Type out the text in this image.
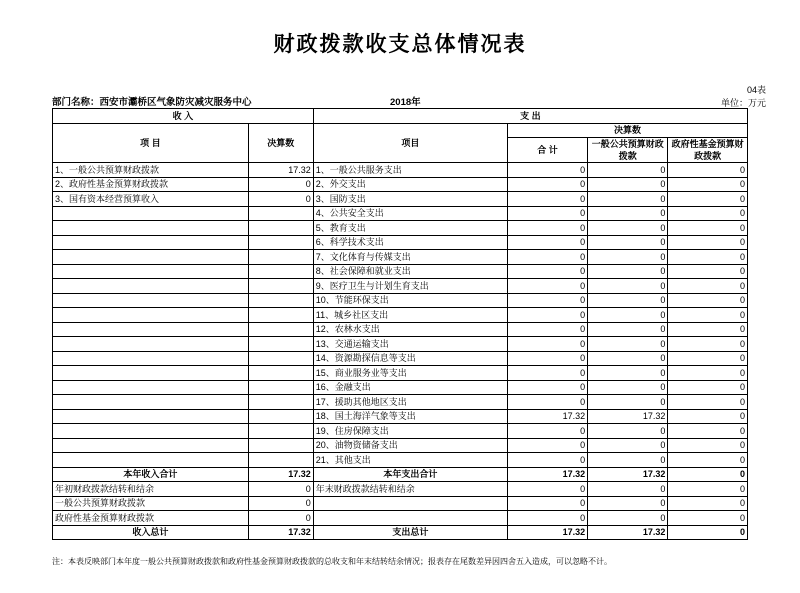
04表
单位：万元
财政拨款收支总体情况表
部门名称：西安市灞桥区气象防灾减灾服务中心	2018年
收 入		支 出			
项 目	决算数	项目	决算数		
			合 计	一般公共预算财政拨款	政府性基金预算财政拨款
1、一般公共预算财政拨款	17.32	1、一般公共服务支出	0	0	0
2、政府性基金预算财政拨款	0	2、外交支出	0	0	0
3、国有资本经营预算收入	0	3、国防支出	0	0	0
		4、公共安全支出	0	0	0
		5、教育支出	0	0	0
		6、科学技术支出	0	0	0
		7、文化体育与传媒支出	0	0	0
		8、社会保障和就业支出	0	0	0
		9、医疗卫生与计划生育支出	0	0	0
		10、节能环保支出	0	0	0
		11、城乡社区支出	0	0	0
		12、农林水支出	0	0	0
		13、交通运输支出	0	0	0
		14、资源勘探信息等支出	0	0	0
		15、商业服务业等支出	0	0	0
		16、金融支出	0	0	0
		17、援助其他地区支出	0	0	0
		18、国土海洋气象等支出	17.32	17.32	0
		19、住房保障支出	0	0	0
		20、油物资储备支出	0	0	0
		21、其他支出	0	0	0
本年收入合计	17.32	本年支出合计	17.32	17.32	0
年初财政拨款结转和结余	0	年末财政拨款结转和结余	0	0	0
一般公共预算财政拨款	0		0	0	0
政府性基金预算财政拨款	0		0	0	0
收入总计	17.32	支出总计	17.32	17.32	0
注：本表反映部门本年度一般公共预算财政拨款和政府性基金预算财政拨款的总收支和年末结转结余情况；报表存在尾数差异因四舍五入造成，可以忽略不计。
